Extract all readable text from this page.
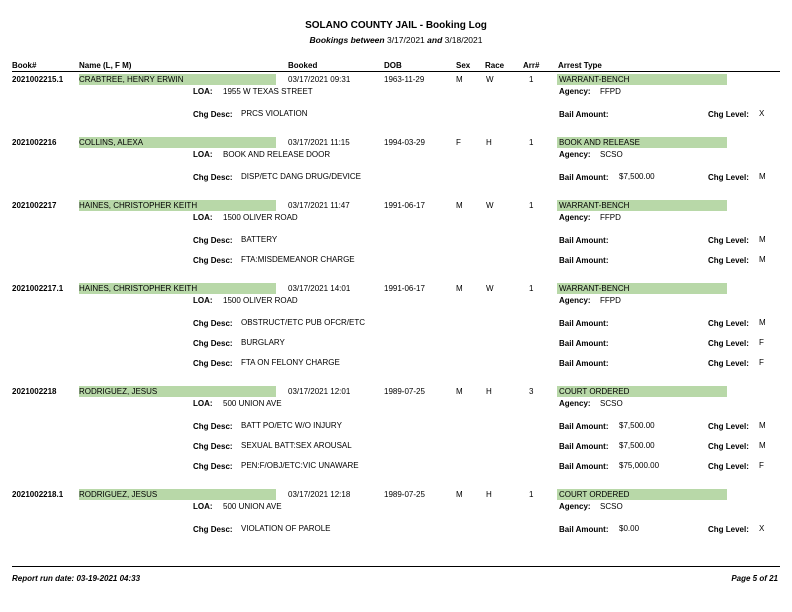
SOLANO COUNTY JAIL - Booking Log
Bookings between 3/17/2021 and 3/18/2021
Book#	Name (L, F M)	Booked	DOB	Sex Race Arr# Arrest Type
2021002215.1 CRABTREE, HENRY ERWIN	03/17/2021 09:31	1963-11-29	M	W	1	WARRANT-BENCH
LOA: 1955 W TEXAS STREET	Agency: FFPD
Chg Desc: PRCS VIOLATION	Bail Amount:	Chg Level: X
2021002216	COLLINS, ALEXA	03/17/2021 11:15	1994-03-29	F	H	1	BOOK AND RELEASE
LOA: BOOK AND RELEASE DOOR	Agency: SCSO
Chg Desc: DISP/ETC DANG DRUG/DEVICE	Bail Amount: $7,500.00	Chg Level: M
2021002217	HAINES, CHRISTOPHER KEITH	03/17/2021 11:47	1991-06-17	M	W	1	WARRANT-BENCH
LOA: 1500 OLIVER ROAD	Agency: FFPD
Chg Desc: BATTERY	Bail Amount:	Chg Level: M
Chg Desc: FTA:MISDEMEANOR CHARGE	Bail Amount:	Chg Level: M
2021002217.1 HAINES, CHRISTOPHER KEITH	03/17/2021 14:01	1991-06-17	M	W	1	WARRANT-BENCH
LOA: 1500 OLIVER ROAD	Agency: FFPD
Chg Desc: OBSTRUCT/ETC PUB OFCR/ETC	Bail Amount:	Chg Level: M
Chg Desc: BURGLARY	Bail Amount:	Chg Level: F
Chg Desc: FTA ON FELONY CHARGE	Bail Amount:	Chg Level: F
2021002218	RODRIGUEZ, JESUS	03/17/2021 12:01	1989-07-25	M	H	3	COURT ORDERED
LOA: 500 UNION AVE	Agency: SCSO
Chg Desc: BATT PO/ETC W/O INJURY	Bail Amount: $7,500.00	Chg Level: M
Chg Desc: SEXUAL BATT:SEX AROUSAL	Bail Amount: $7,500.00	Chg Level: M
Chg Desc: PEN:F/OBJ/ETC:VIC UNAWARE	Bail Amount: $75,000.00	Chg Level: F
2021002218.1 RODRIGUEZ, JESUS	03/17/2021 12:18	1989-07-25	M	H	1	COURT ORDERED
LOA: 500 UNION AVE	Agency: SCSO
Chg Desc: VIOLATION OF PAROLE	Bail Amount: $0.00	Chg Level: X
Report run date: 03-19-2021 04:33	Page 5 of 21
